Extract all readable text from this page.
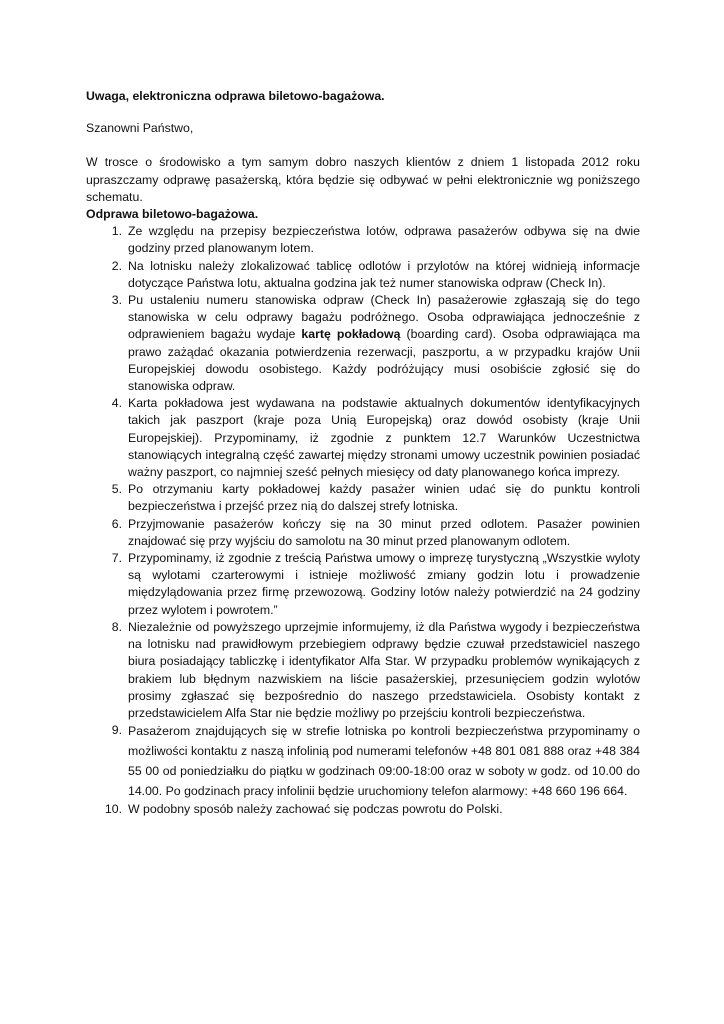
Uwaga, elektroniczna odprawa biletowo-bagażowa.

Szanowni Państwo,

W trosce o środowisko a tym samym dobro naszych klientów z dniem 1 listopada 2012 roku upraszczamy odprawę pasażerską, która będzie się odbywać w pełni elektronicznie wg poniższego schematu.

Odprawa biletowo-bagażowa.

1. Ze względu na przepisy bezpieczeństwa lotów, odprawa pasażerów odbywa się na dwie godziny przed planowanym lotem.
2. Na lotnisku należy zlokalizować tablicę odlotów i przylotów na której widnieją informacje dotyczące Państwa lotu, aktualna godzina jak też numer stanowiska odpraw (Check In).
3. Pu ustaleniu numeru stanowiska odpraw (Check In) pasażerowie zgłaszają się do tego stanowiska w celu odprawy bagażu podróżnego. Osoba odprawiająca jednocześnie z odprawieniem bagażu wydaje kartę pokładową (boarding card). Osoba odprawiająca ma prawo zażądać okazania potwierdzenia rezerwacji, paszportu, a w przypadku krajów Unii Europejskiej dowodu osobistego. Każdy podróżujący musi osobiście zgłosić się do stanowiska odpraw.
4. Karta pokładowa jest wydawana na podstawie aktualnych dokumentów identyfikacyjnych takich jak paszport (kraje poza Unią Europejską) oraz dowód osobisty (kraje Unii Europejskiej). Przypominamy, iż zgodnie z punktem 12.7 Warunków Uczestnictwa stanowiących integralną część zawartej między stronami umowy uczestnik powinien posiadać ważny paszport, co najmniej sześć pełnych miesięcy od daty planowanego końca imprezy.
5. Po otrzymaniu karty pokładowej każdy pasażer winien udać się do punktu kontroli bezpieczeństwa i przejść przez nią do dalszej strefy lotniska.
6. Przyjmowanie pasażerów kończy się na 30 minut przed odlotem. Pasażer powinien znajdować się przy wyjściu do samolotu na 30 minut przed planowanym odlotem.
7. Przypominamy, iż zgodnie z treścią Państwa umowy o imprezę turystyczną „Wszystkie wyloty są wylotami czarterowymi i istnieje możliwość zmiany godzin lotu i prowadzenie międzylądowania przez firmę przewozową. Godziny lotów należy potwierdzić na 24 godziny przez wylotem i powrotem.”
8. Niezależnie od powyższego uprzejmie informujemy, iż dla Państwa wygody i bezpieczeństwa na lotnisku nad prawidłowym przebiegiem odprawy będzie czuwał przedstawiciel naszego biura posiadający tabliczkę i identyfikator Alfa Star. W przypadku problemów wynikających z brakiem lub błędnym nazwiskiem na liście pasażerskiej, przesunięciem godzin wylotów prosimy zgłaszać się bezpośrednio do naszego przedstawiciela. Osobisty kontakt z przedstawicielem Alfa Star nie będzie możliwy po przejściu kontroli bezpieczeństwa.
9. Pasażerom znajdujących się w strefie lotniska po kontroli bezpieczeństwa przypominamy o możliwości kontaktu z naszą infolinią pod numerami telefonów +48 801 081 888 oraz +48 384 55 00 od poniedziałku do piątku w godzinach 09:00-18:00 oraz w soboty w godz. od 10.00 do 14.00. Po godzinach pracy infolinii będzie uruchomiony telefon alarmowy: +48 660 196 664.
10. W podobny sposób należy zachować się podczas powrotu do Polski.
